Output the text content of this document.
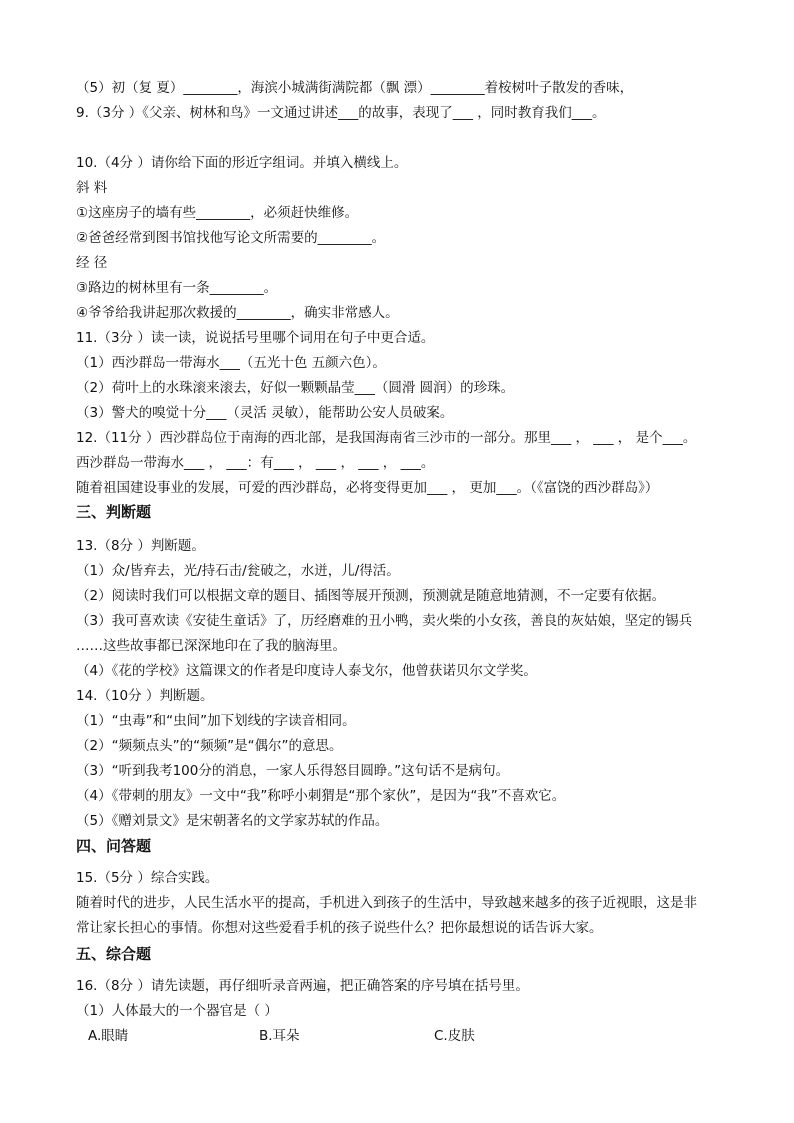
（5）初（复 夏）________，海滨小城满街满院都（飘 漂）________着桉树叶子散发的香味，
9.（3分 ）《父亲、树林和鸟》一文通过讲述___的故事，表现了___ ，同时教育我们___。
10.（4分 ）请你给下面的形近字组词。并填入横线上。
斜 料
①这座房子的墙有些________，必须赶快维修。
②爸爸经常到图书馆找他写论文所需要的________。
经 径
③路边的树林里有一条________。
④爷爷给我讲起那次救援的________，确实非常感人。
11.（3分 ）读一读，说说括号里哪个词用在句子中更合适。
（1）西沙群岛一带海水___（五光十色 五颜六色）。
（2）荷叶上的水珠滚来滚去，好似一颗颗晶莹___（圆滑 圆润）的珍珠。
（3）警犬的嗅觉十分___（灵活 灵敏），能帮助公安人员破案。
12.（11分 ）西沙群岛位于南海的西北部，是我国海南省三沙市的一部分。那里___ ， ___ ， 是个___。
西沙群岛一带海水___ ， ___：有___ ， ___ ， ___ ， ___。
随着祖国建设事业的发展，可爱的西沙群岛，必将变得更加___ ， 更加___。（《富饶的西沙群岛》）
三、判断题
13.（8分 ）判断题。
（1）众/皆弃去，光/持石击/瓮破之，水迸，儿/得活。
（2）阅读时我们可以根据文章的题目、插图等展开预测，预测就是随意地猜测，不一定要有依据。
（3）我可喜欢读《安徒生童话》了，历经磨难的丑小鸭，卖火柴的小女孩，善良的灰姑娘，坚定的锡兵
……这些故事都已深深地印在了我的脑海里。
（4）《花的学校》这篇课文的作者是印度诗人泰戈尔，他曾获诺贝尔文学奖。
14.（10分 ）判断题。
（1）“虫毒”和“虫间”加下划线的字读音相同。
（2）“频频点头”的“频频”是“偶尔”的意思。
（3）“听到我考100分的消息，一家人乐得怒目圆睁。”这句话不是病句。
（4）《带刺的朋友》一文中“我”称呼小刺猬是“那个家伙”，是因为“我”不喜欢它。
（5）《赠刘景文》是宋朝著名的文学家苏轼的作品。
四、问答题
15.（5分 ）综合实践。
随着时代的进步，人民生活水平的提高，手机进入到孩子的生活中，导致越来越多的孩子近视眼，这是非
常让家长担心的事情。你想对这些爱看手机的孩子说些什么？把你最想说的话告诉大家。
五、综合题
16.（8分 ）请先读题，再仔细听录音两遍，把正确答案的序号填在括号里。
（1）人体最大的一个器官是（ ）
A.眼睛	B.耳朵	C.皮肤
